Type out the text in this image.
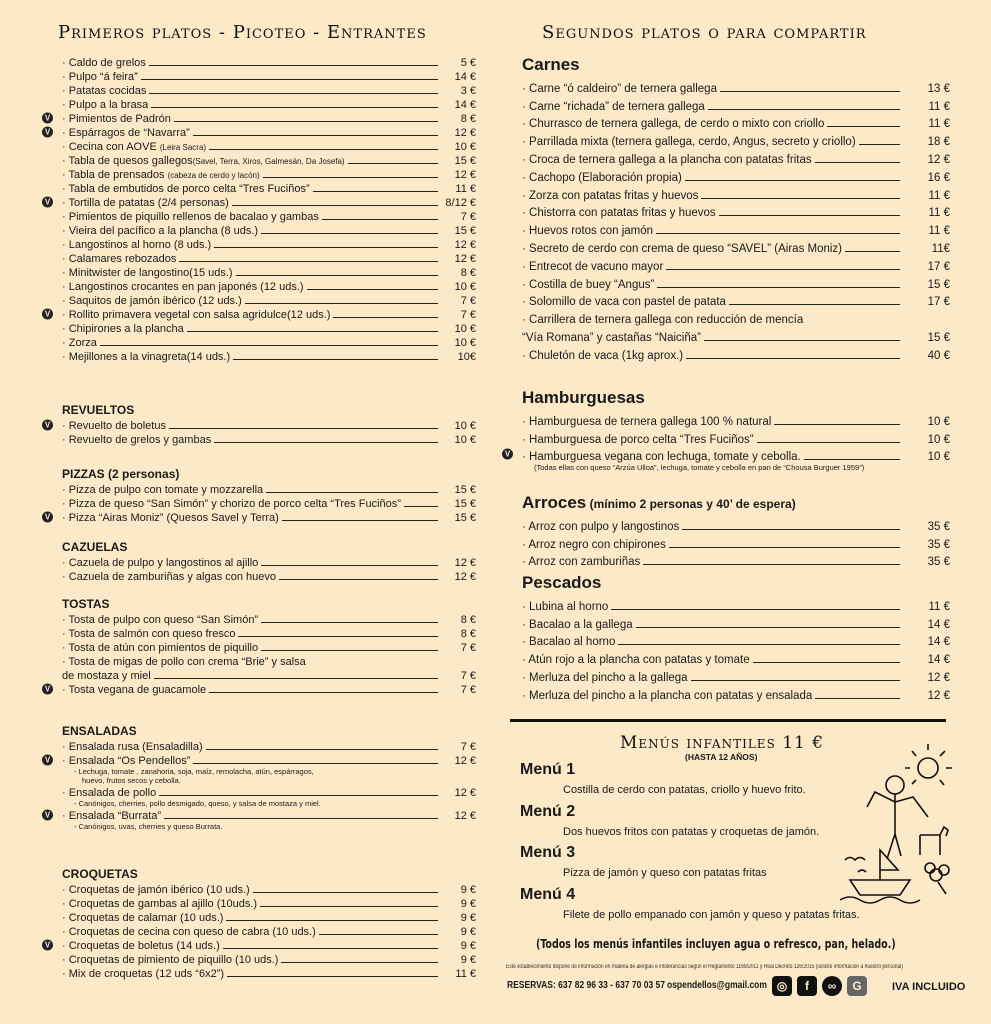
Primeros platos - Picoteo - Entrantes	Segundos platos o para compartir
· Caldo de grelos	5 €
· Pulpo “á feira”	14 €
· Patatas cocidas	3 €
· Pulpo a la brasa	14 €
V · Pimientos de Padrón	8 €
V · Espárragos de “Navarra”	12 €
· Cecina con AOVE (Leira Sacra)	10 €
· Tabla de quesos gallegos(Savel, Terra, Xiros, Galmesán, Da Josefa)	15 €
· Tabla de prensados (cabeza de cerdo y lacón)	12 €
· Tabla de embutidos de porco celta “Tres Fuciños”	11 €
V · Tortilla de patatas (2/4 personas)	8/12 €
· Pimientos de piquillo rellenos de bacalao y gambas	7 €
· Vieira del pacífico a la plancha (8 uds.)	15 €
· Langostinos al horno (8 uds.)	12 €
· Calamares rebozados	12 €
· Minitwister de langostino(15 uds.)	8 €
· Langostinos crocantes en pan japonés (12 uds.)	10 €
· Saquitos de jamón ibérico (12 uds.)	7 €
V · Rollito primavera vegetal con salsa agridulce(12 uds.)	7 €
· Chipirones a la plancha	10 €
· Zorza	10 €
· Mejillones a la vinagreta(14 uds.)	10€
REVUELTOS
V · Revuelto de boletus	10 €
· Revuelto de grelos y gambas	10 €
PIZZAS (2 personas)
· Pizza de pulpo con tomate y mozzarella	15 €
· Pizza de queso “San Simón” y chorizo de porco celta “Tres Fuciños”	15 €
V · Pizza “Airas Moniz” (Quesos Savel y Terra)	15 €
CAZUELAS
· Cazuela de pulpo y langostinos al ajillo	12 €
· Cazuela de zamburiñas y algas con huevo	12 €
TOSTAS
· Tosta de pulpo con queso “San Simón”	8 €
· Tosta de salmón con queso fresco	8 €
· Tosta de atún con pimientos de piquillo	7 €
· Tosta de migas de pollo con crema “Brie” y salsa
de mostaza y miel	7 €
V · Tosta vegana de guacamole	7 €
ENSALADAS
· Ensalada rusa (Ensaladilla)	7 €
V · Ensalada “Os Pendellos”	12 €
- Lechuga, tomate , zanahoria, soja, maíz, remolacha, atún, espárragos,
huevo, frutos secos y cebolla.
· Ensalada de pollo	12 €
- Canónigos, cherries, pollo desmigado, queso, y salsa de mostaza y miel.
V · Ensalada “Burrata”	12 €
- Canónigos, uvas, cherries y queso Burrata.
CROQUETAS
· Croquetas de jamón ibérico (10 uds.)	9 €
· Croquetas de gambas al ajillo (10uds.)	9 €
· Croquetas de calamar (10 uds.)	9 €
· Croquetas de cecina con queso de cabra (10 uds.)	9 €
V · Croquetas de boletus (14 uds.)	9 €
· Croquetas de pimiento de piquillo (10 uds.)	9 €
· Mix de croquetas (12 uds “6x2”)	11 €
Carnes
· Carne “ó caldeiro” de ternera gallega	13 €
· Carne “richada” de ternera gallega	11 €
· Churrasco de ternera gallega, de cerdo o mixto con criollo	11 €
· Parrillada mixta (ternera gallega, cerdo, Angus, secreto y criollo)	18 €
· Croca de ternera gallega a la plancha con patatas fritas	12 €
· Cachopo (Elaboración propia)	16 €
· Zorza con patatas fritas y huevos	11 €
· Chistorra con patatas fritas y huevos	11 €
· Huevos rotos con jamón	11 €
· Secreto de cerdo con crema de queso “SAVEL” (Airas Moniz)	11€
· Entrecot de vacuno mayor	17 €
· Costilla de buey “Angus”	15 €
· Solomillo de vaca con pastel de patata	17 €
· Carrillera de ternera gallega con reducción de mencía
“Vía Romana” y castañas “Naiciña”	15 €
· Chuletón de vaca (1kg aprox.)	40 €
Hamburguesas
· Hamburguesa de ternera gallega 100 % natural	10 €
· Hamburguesa de porco celta “Tres Fuciños”	10 €
V · Hamburguesa vegana con lechuga, tomate y cebolla.	10 €
(Todas ellas con queso “Arzúa Ulloa”, lechuga, tomate y cebolla en pan de “Chousa Burguer 1959”)
Arroces (mínimo 2 personas y 40’ de espera)
· Arroz con pulpo y langostinos	35 €
· Arroz negro con chipirones	35 €
· Arroz con zamburiñas	35 €
Pescados
· Lubina al horno	11 €
· Bacalao a la gallega	14 €
· Bacalao al horno	14 €
· Atún rojo a la plancha con patatas y tomate	14 €
· Merluza del pincho a la gallega	12 €
· Merluza del pincho a la plancha con patatas y ensalada	12 €
Menús infantiles 11 €
(HASTA 12 AÑOS)
Menú 1
Costilla de cerdo con patatas, criollo y huevo frito.
Menú 2
Dos huevos fritos con patatas y croquetas de jamón.
Menú 3
Pizza de jamón y queso con patatas fritas
Menú 4
Filete de pollo empanado con jamón y queso y patatas fritas.
(Todos los menús infantiles incluyen agua o refresco, pan, helado.)
Este establecimiento dispone de información en materia de alergias e intolerancias según el Reglamento 1169/2011 y Real Decreto 126/2015 (solicite información a nuestro personal)
RESERVAS: 637 82 96 33 - 637 70 03 57 ospendellos@gmail.com ◎ f ∞ G	IVA INCLUIDO
